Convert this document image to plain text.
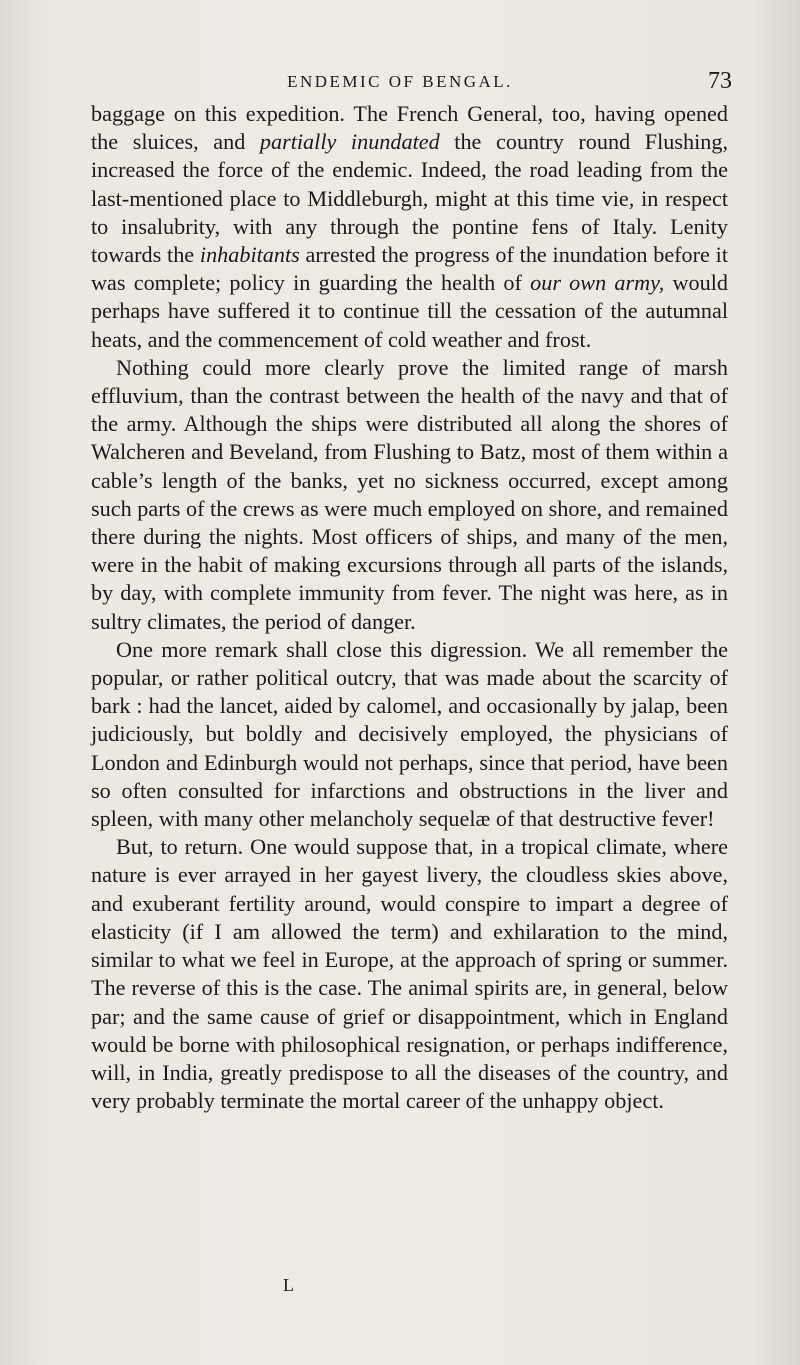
ENDEMIC OF BENGAL.	73

baggage on this expedition. The French General, too, having opened the sluices, and partially inundated the country round Flushing, increased the force of the endemic. Indeed, the road leading from the last-mentioned place to Middleburgh, might at this time vie, in respect to insalubrity, with any through the pontine fens of Italy. Lenity towards the inhabitants arrested the progress of the inundation before it was complete; policy in guarding the health of our own army, would perhaps have suffered it to continue till the cessation of the autumnal heats, and the commencement of cold weather and frost.

Nothing could more clearly prove the limited range of marsh effluvium, than the contrast between the health of the navy and that of the army. Although the ships were distributed all along the shores of Walcheren and Beveland, from Flushing to Batz, most of them within a cable’s length of the banks, yet no sickness occurred, except among such parts of the crews as were much employed on shore, and remained there during the nights. Most officers of ships, and many of the men, were in the habit of making excursions through all parts of the islands, by day, with complete immunity from fever. The night was here, as in sultry climates, the period of danger.

One more remark shall close this digression. We all remember the popular, or rather political outcry, that was made about the scarcity of bark : had the lancet, aided by calomel, and occasionally by jalap, been judiciously, but boldly and decisively employed, the physicians of London and Edinburgh would not perhaps, since that period, have been so often consulted for infarctions and obstructions in the liver and spleen, with many other melancholy sequelæ of that destructive fever!

But, to return. One would suppose that, in a tropical climate, where nature is ever arrayed in her gayest livery, the cloudless skies above, and exuberant fertility around, would conspire to impart a degree of elasticity (if I am allowed the term) and exhilaration to the mind, similar to what we feel in Europe, at the approach of spring or summer. The reverse of this is the case. The animal spirits are, in general, below par; and the same cause of grief or disappointment, which in England would be borne with philosophical resignation, or perhaps indifference, will, in India, greatly predispose to all the diseases of the country, and very probably terminate the mortal career of the unhappy object.

L
